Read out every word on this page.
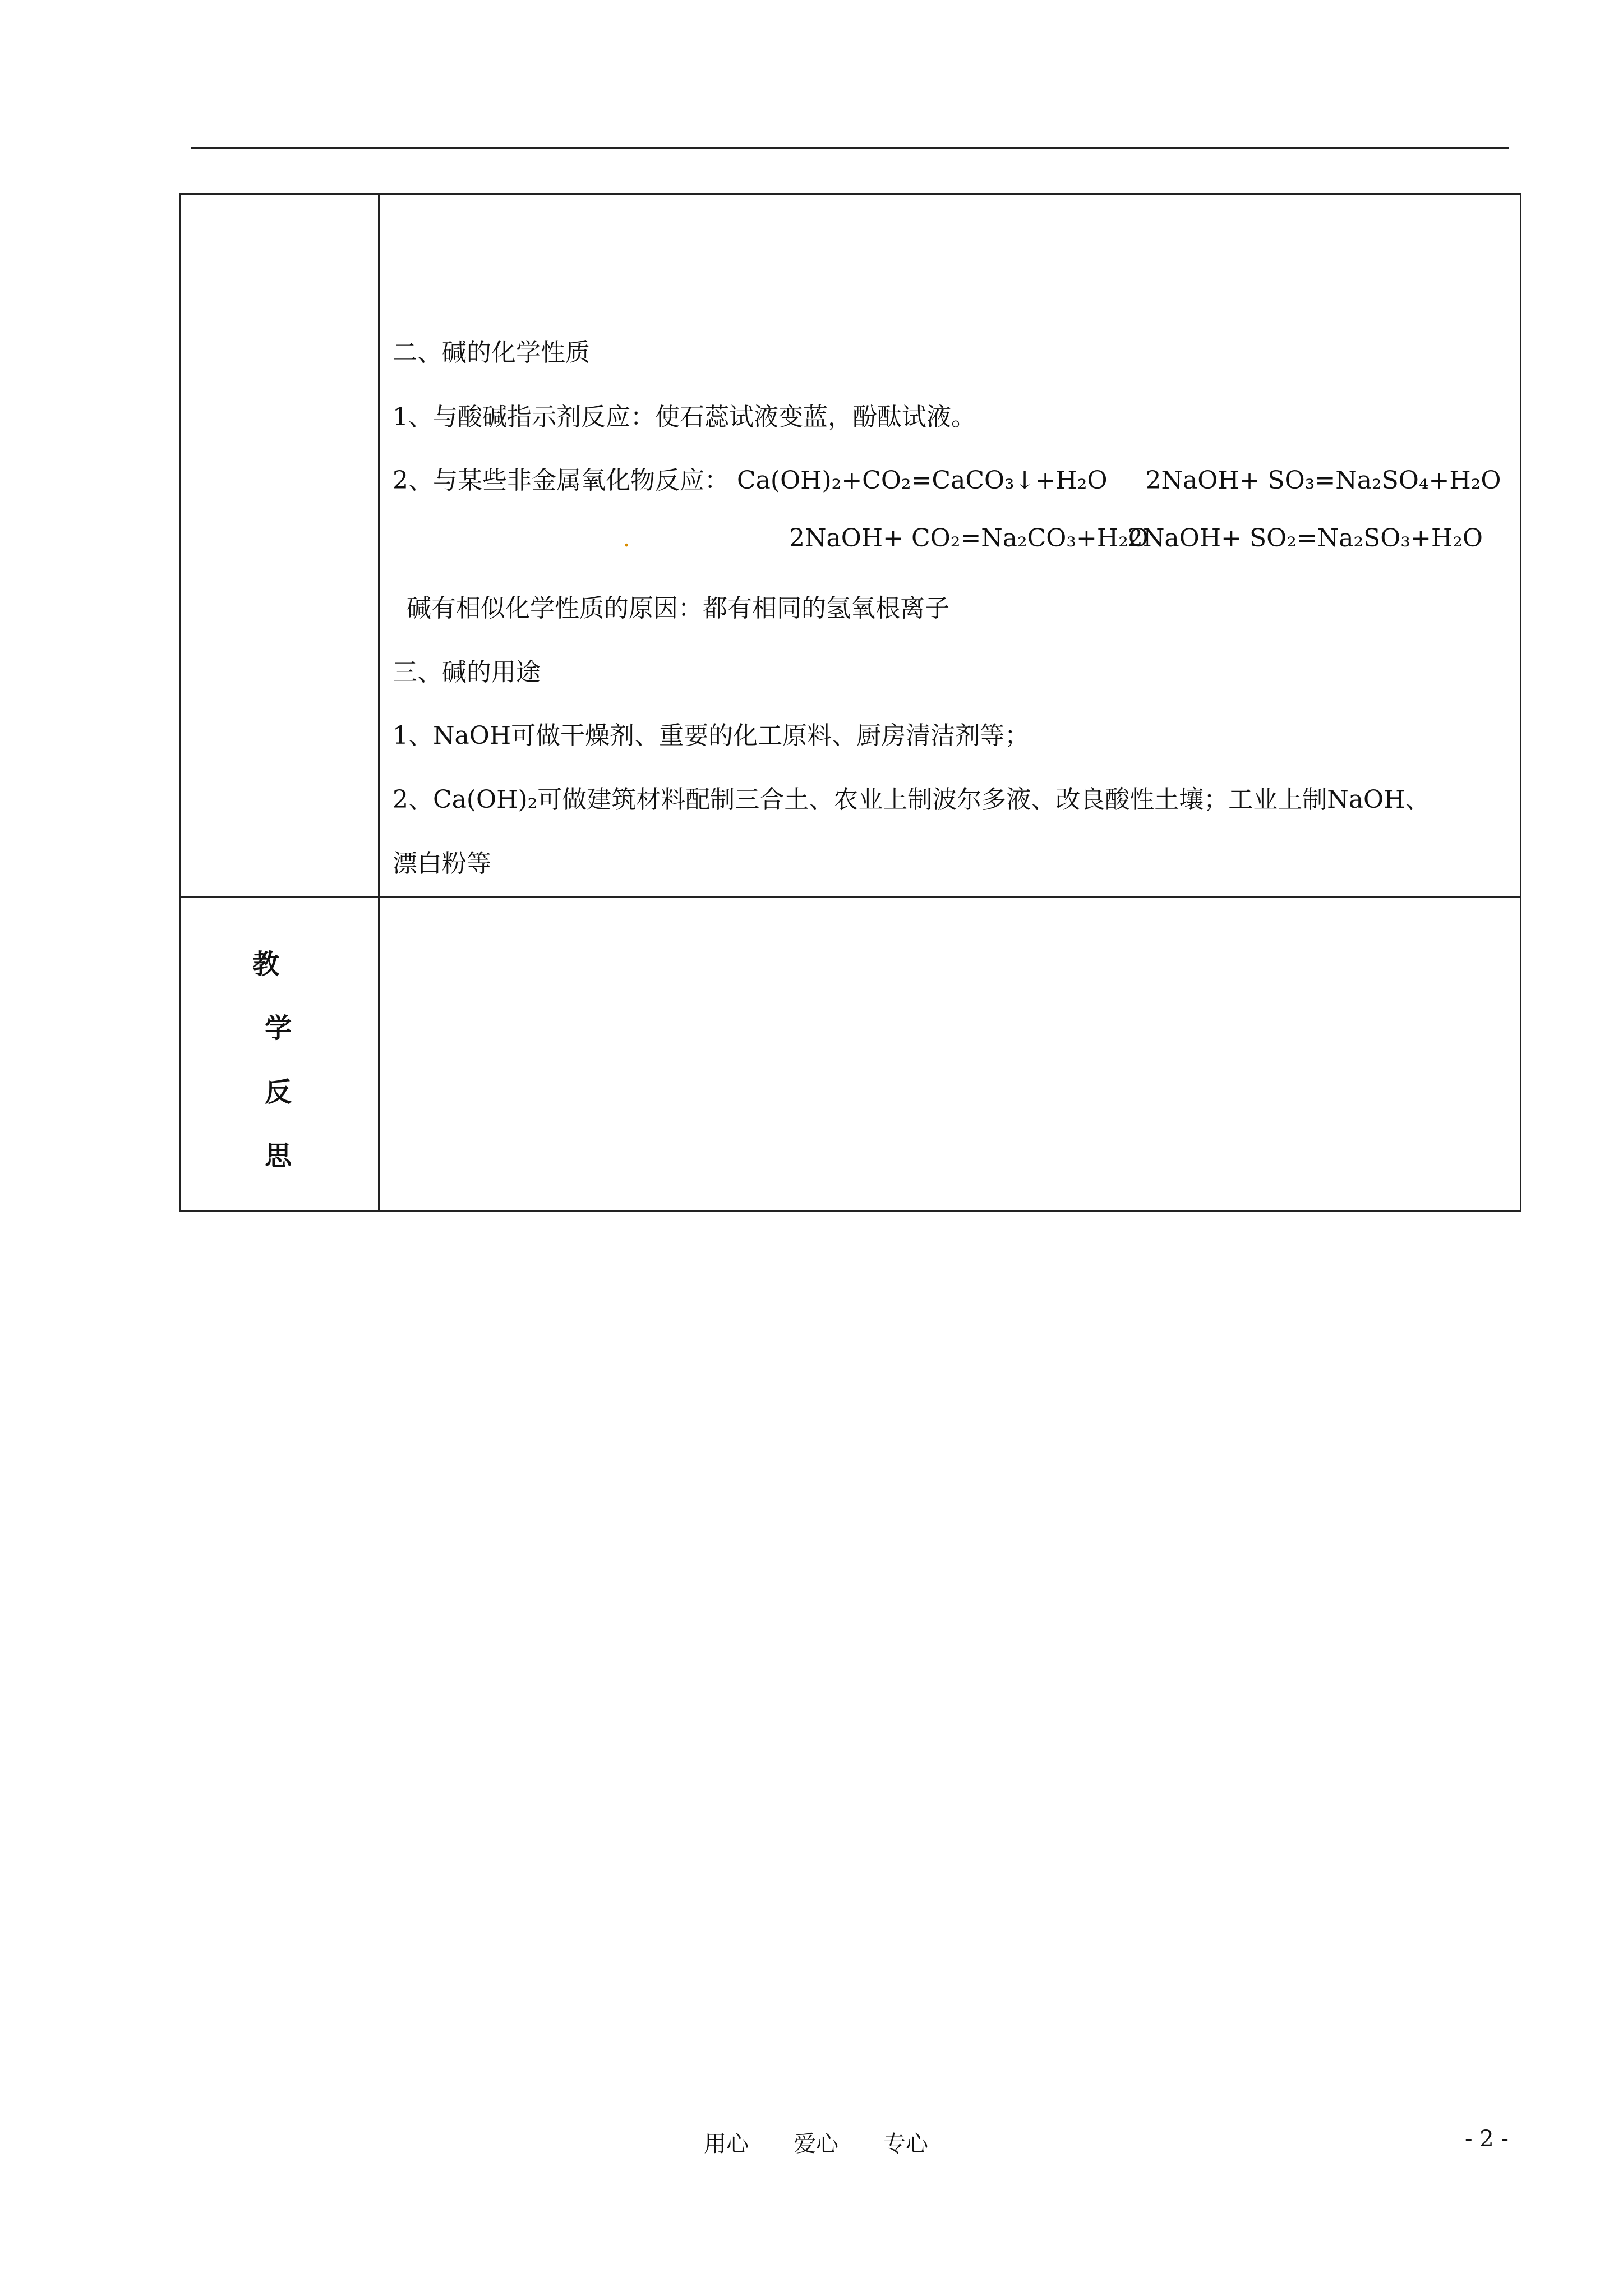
二、碱的化学性质
1、与酸碱指示剂反应：使石蕊试液变蓝，酚酞试液。
2、与某些非金属氧化物反应： Ca(OH)₂+CO₂=CaCO₃↓+H₂O 2NaOH+ SO₃=Na₂SO₄+H₂O
.	2NaOH+ CO₂=Na₂CO₃+H₂O
2NaOH+ SO₂=Na₂SO₃+H₂O
碱有相似化学性质的原因：都有相同的氢氧根离子
三、碱的用途
1、NaOH可做干燥剂、重要的化工原料、厨房清洁剂等；
2、Ca(OH)₂可做建筑材料配制三合土、农业上制波尔多液、改良酸性土壤；工业上制NaOH、
漂白粉等
教
学
反
思
用心　　爱心　　专心	- 2 -
